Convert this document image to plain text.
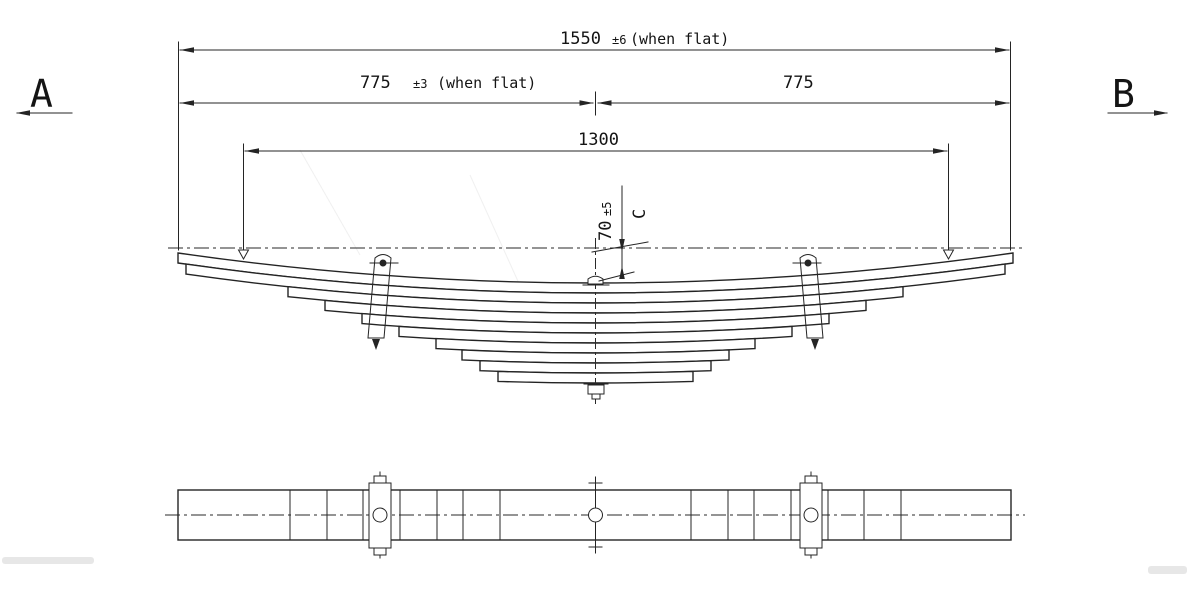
1550 ±6 (when flat)
775 ±3 (when flat)	775
1300
70
±5 C
A	B
